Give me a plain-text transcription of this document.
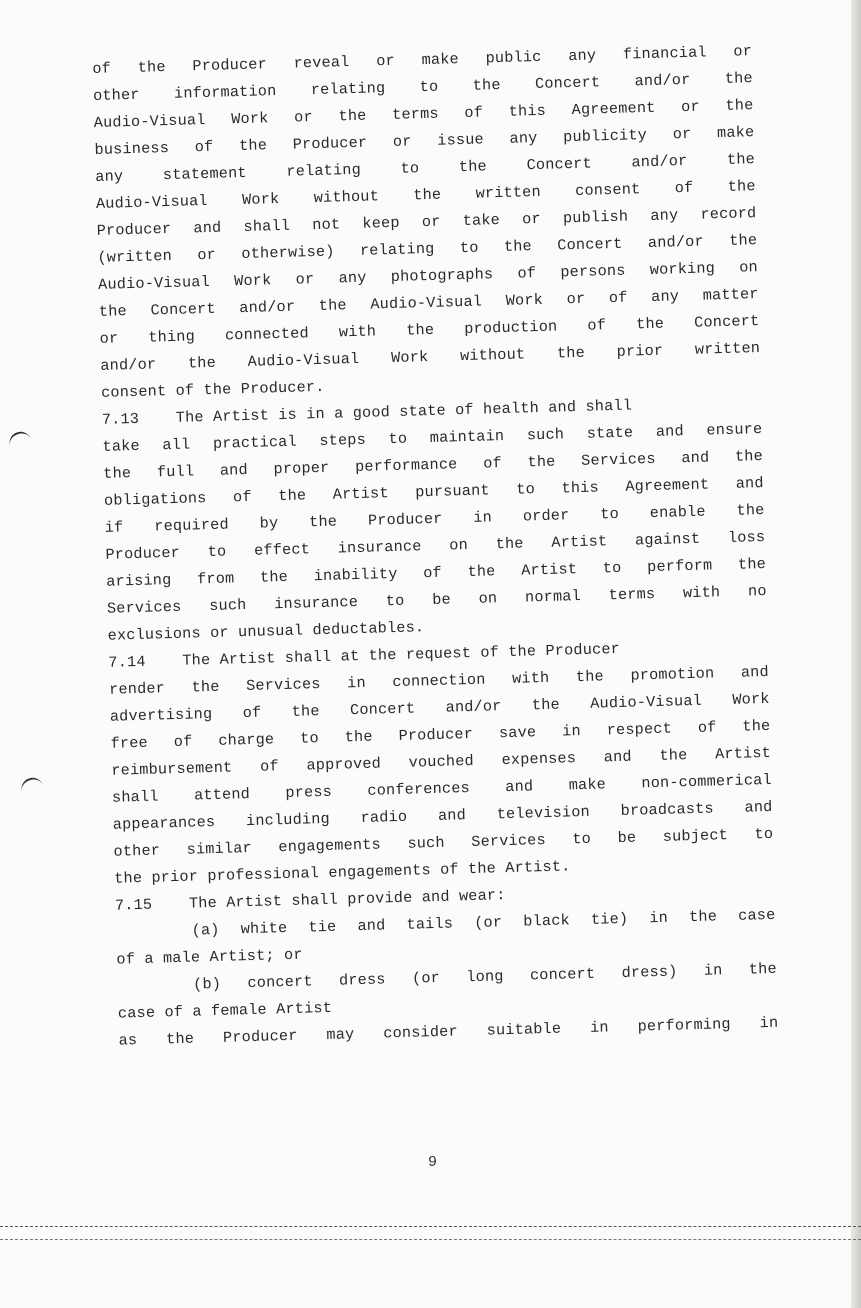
of the Producer reveal or make public any financial or
other information relating to the Concert and/or the
Audio-Visual Work or the terms of this Agreement or the
business of the Producer or issue any publicity or make
any	statement	relating	to	the	Concert	and/or	the
Audio-Visual Work without the written consent of the
Producer and shall not keep or take or publish any record
(written or otherwise) relating to the Concert and/or the
Audio-Visual Work or any photographs of persons working on
the Concert and/or the Audio-Visual Work or of any matter
or thing connected with the production of the Concert
and/or the Audio-Visual Work without the prior written
consent of the Producer.
7.13	The Artist is in a good state of health and shall
take all practical steps to maintain such state and ensure
the full and proper performance of the Services and the
obligations of the Artist pursuant to this Agreement and
if required by the Producer in order to enable the
Producer to effect insurance on the Artist against loss
arising from the inability of the Artist to perform the
Services such insurance to be on normal terms with no
exclusions or unusual deductables.
7.14	The Artist shall at the request of the Producer
render the Services in connection with the promotion and
advertising of the Concert and/or the Audio-Visual Work
free of charge to the Producer save in respect of the
reimbursement of approved vouched expenses and the Artist
shall attend press conferences and make non-commerical
appearances including radio and television broadcasts and
other similar engagements such Services to be subject to
the prior professional engagements of the Artist.
7.15	The Artist shall provide and wear:
(a) white tie and tails (or black tie) in the case
of a male Artist; or
(b) concert dress (or long concert dress) in the
case of a female Artist
as the Producer may consider suitable in performing in
9
